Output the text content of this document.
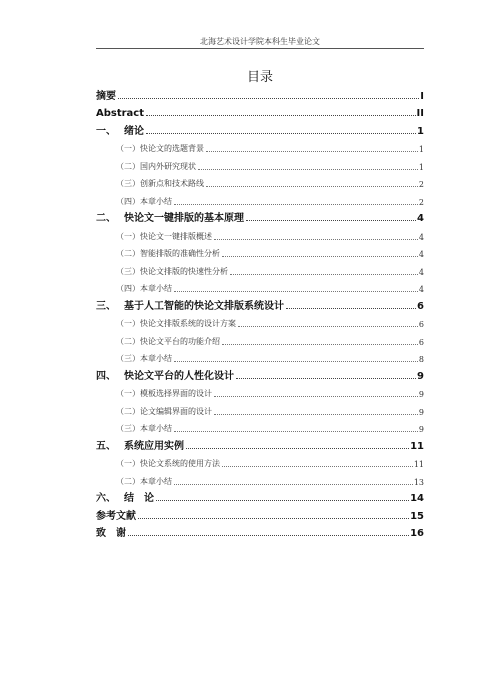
北海艺术设计学院本科生毕业论文
目录
摘要	I
Abstract	II
一、 绪论	1
（一）快论文的选题背景	1
（二）国内外研究现状	1
（三）创新点和技术路线	2
（四）本章小结	2
二、 快论文一键排版的基本原理	4
（一）快论文一键排版概述	4
（二）智能排版的准确性分析	4
（三）快论文排版的快速性分析	4
（四）本章小结	4
三、 基于人工智能的快论文排版系统设计	6
（一）快论文排版系统的设计方案	6
（二）快论文平台的功能介绍	6
（三）本章小结	8
四、 快论文平台的人性化设计	9
（一）模板选择界面的设计	9
（二）论文编辑界面的设计	9
（三）本章小结	9
五、 系统应用实例	11
（一）快论文系统的使用方法	11
（二）本章小结	13
六、 结　论	14
参考文献	15
致　谢	16
